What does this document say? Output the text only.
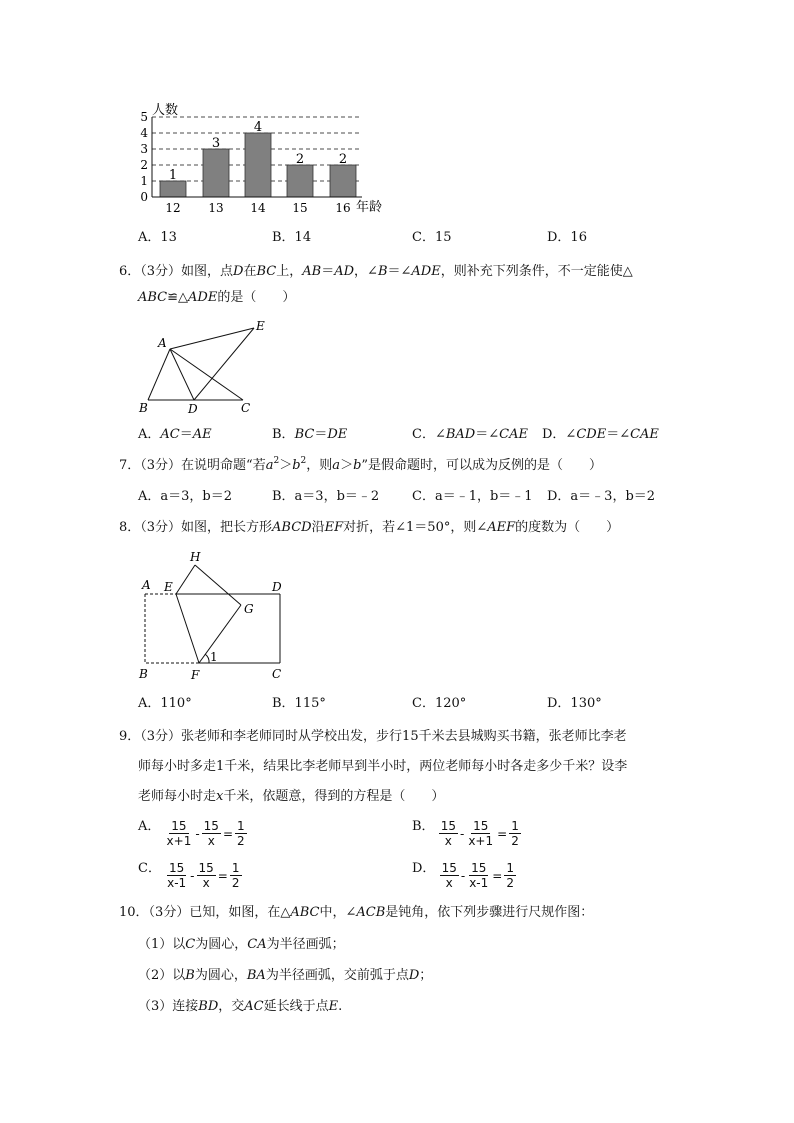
0
1
2
3
4
5
1
12
3
13
4
14
2
15
2
16
人数
年龄
A．13	B．14	C．15	D．16
6．（3分）如图，点D在BC上，AB＝AD，∠B＝∠ADE，则补充下列条件，不一定能使△
ABC≌△ADE的是（　　）
A
E
B	D	C
A．AC＝AE	B．BC＝DE	C．∠BAD＝∠CAE D．∠CDE＝∠CAE
7．（3分）在说明命题“若$a^2>b^2$，则a＞b”是假命题时，可以成为反例的是（　　）
A．a＝3，b＝2	B．a＝3，b＝﹣2	C．a＝﹣1，b＝﹣1 D．a＝﹣3，b＝2
8．（3分）如图，把长方形ABCD沿EF对折，若∠1＝50°，则∠AEF的度数为（　　）
H
A E	D
G
B	F	C
1
A．110°	B．115°	C．120°	D．130°
9．（3分）张老师和李老师同时从学校出发，步行15千米去县城购买书籍，张老师比李老
师每小时多走1千米，结果比李老师早到半小时，两位老师每小时各走多少千米？设李
老师每小时走x千米，依题意，得到的方程是（　　）
A． $\frac{15}{x+1} - \frac{15}{x} = \frac{1}{2}$	B． $\frac{15}{x} - \frac{15}{x+1} = \frac{1}{2}$
C． $\frac{15}{x-1} - \frac{15}{x} = \frac{1}{2}$	D． $\frac{15}{x} - \frac{15}{x-1} = \frac{1}{2}$
10．（3分）已知，如图，在△ABC中，∠ACB是钝角，依下列步骤进行尺规作图：
（1）以C为圆心，CA为半径画弧；
（2）以B为圆心，BA为半径画弧，交前弧于点D；
（3）连接BD，交AC延长线于点E.
